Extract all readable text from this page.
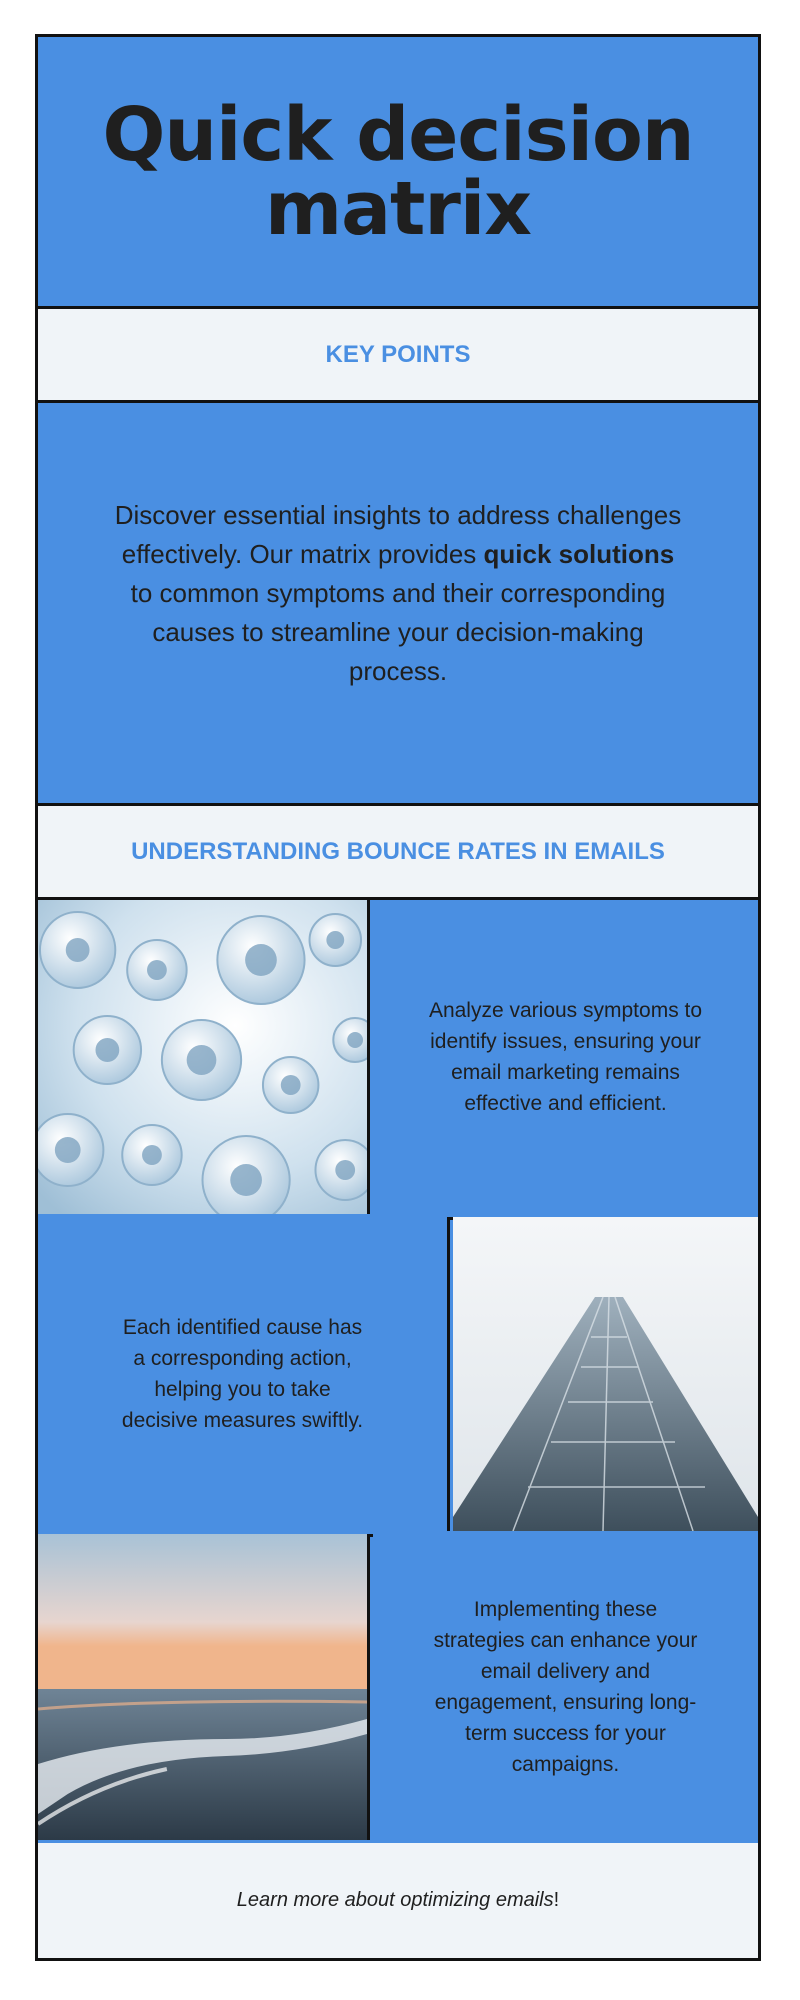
Quick decision matrix
KEY POINTS

Discover essential insights to address challenges effectively. Our matrix provides quick solutions to common symptoms and their corresponding causes to streamline your decision-making process.

UNDERSTANDING BOUNCE RATES IN EMAILS

Analyze various symptoms to identify issues, ensuring your email marketing remains effective and efficient.

Each identified cause has a corresponding action, helping you to take decisive measures swiftly.

Implementing these strategies can enhance your email delivery and engagement, ensuring long-term success for your campaigns.

Learn more about optimizing emails!
